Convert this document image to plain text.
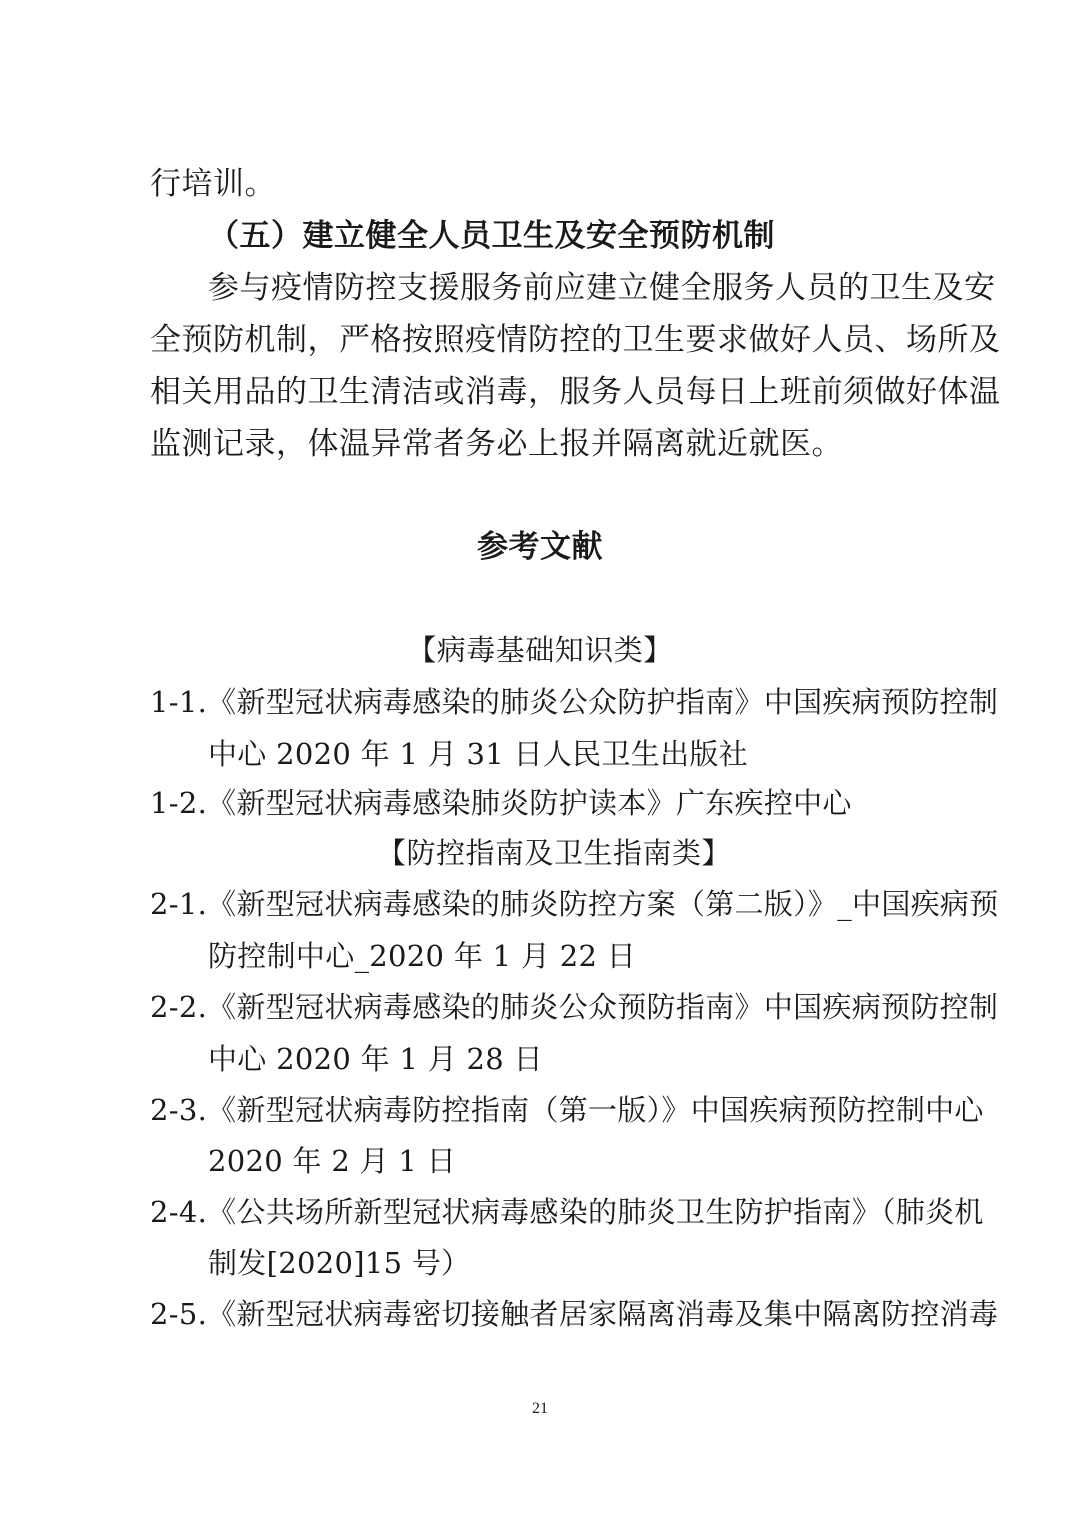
行培训。
（五）建立健全人员卫生及安全预防机制
参与疫情防控支援服务前应建立健全服务人员的卫生及安
全预防机制，严格按照疫情防控的卫生要求做好人员、场所及
相关用品的卫生清洁或消毒，服务人员每日上班前须做好体温
监测记录，体温异常者务必上报并隔离就近就医。
参考文献
【病毒基础知识类】
1-1.《新型冠状病毒感染的肺炎公众防护指南》中国疾病预防控制
中心 2020 年 1 月 31 日人民卫生出版社
1-2.《新型冠状病毒感染肺炎防护读本》广东疾控中心
【防控指南及卫生指南类】
2-1.《新型冠状病毒感染的肺炎防控方案（第二版）》_中国疾病预
防控制中心_2020 年 1 月 22 日
2-2.《新型冠状病毒感染的肺炎公众预防指南》中国疾病预防控制
中心 2020 年 1 月 28 日
2-3.《新型冠状病毒防控指南（第一版）》中国疾病预防控制中心
2020 年 2 月 1 日
2-4.《公共场所新型冠状病毒感染的肺炎卫生防护指南》（肺炎机
制发[2020]15 号）
2-5.《新型冠状病毒密切接触者居家隔离消毒及集中隔离防控消毒
21
